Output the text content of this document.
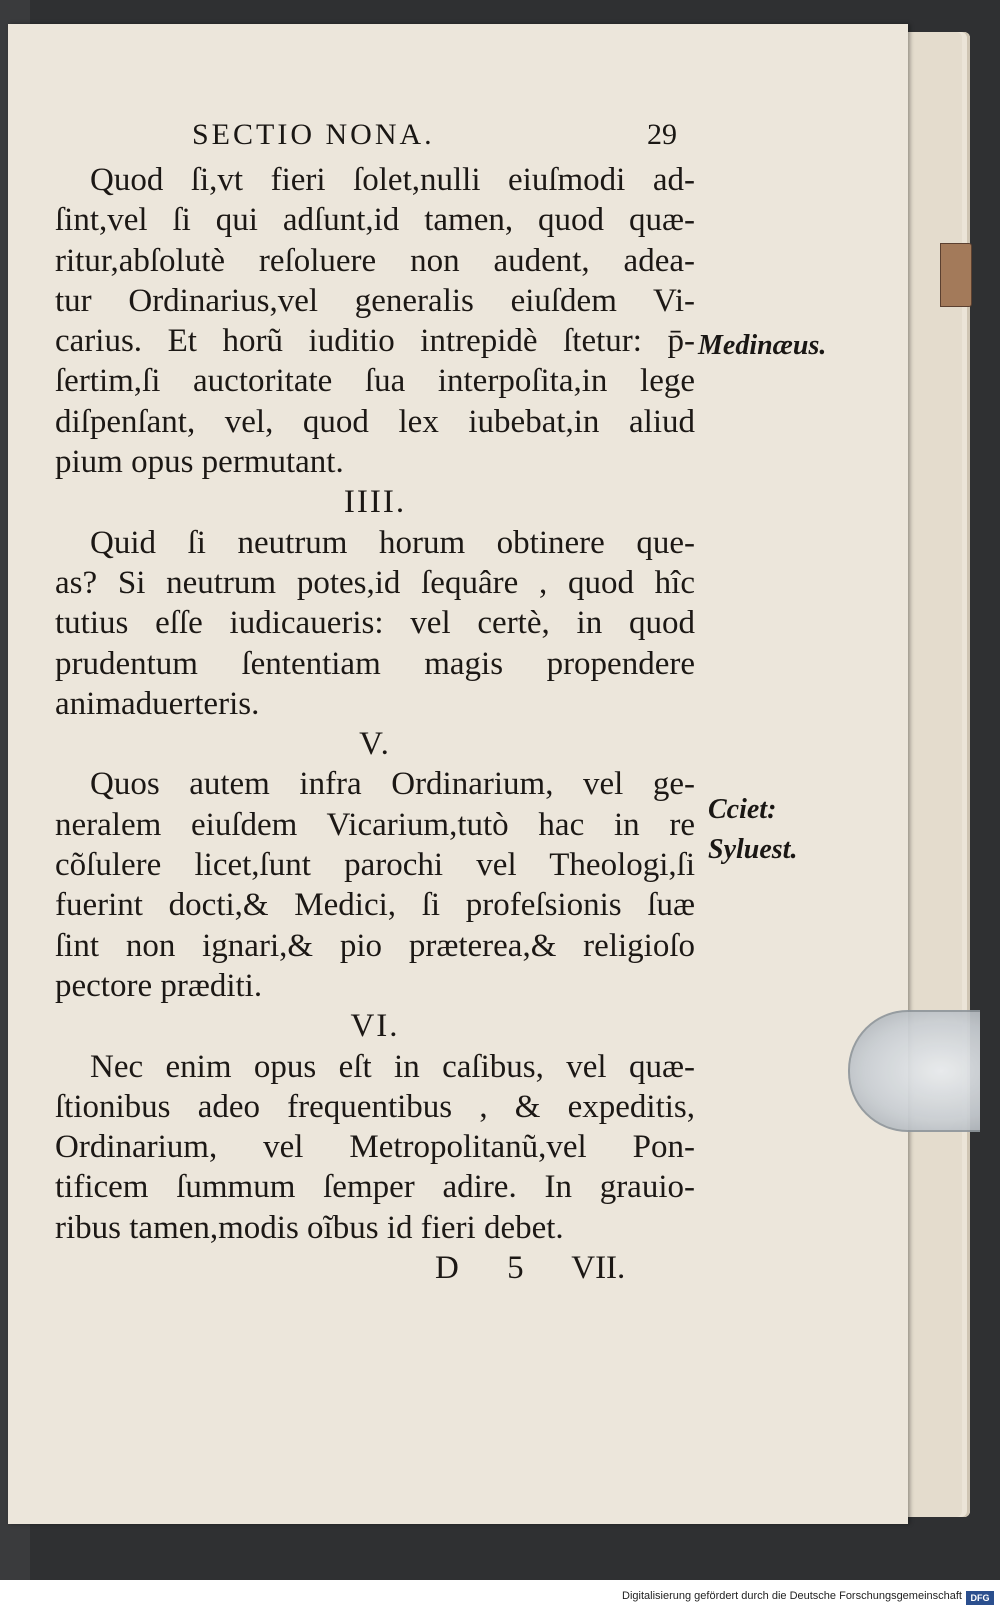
SECTIO NONA.	29
Quod ſi,vt fieri ſolet,nulli eiuſmodi ad-
ſint,vel ſi qui adſunt,id tamen, quod quæ-
ritur,abſolutè reſoluere non audent, adea-
tur Ordinarius,vel generalis eiuſdem Vi-
carius. Et horũ iuditio intrepidè ſtetur: p̄-
ſertim,ſi auctoritate ſua interpoſita,in lege
diſpenſant, vel, quod lex iubebat,in aliud
pium opus permutant.
IIII.
Quid ſi neutrum horum obtinere que-
as? Si neutrum potes,id ſequâre , quod hîc
tutius eſſe iudicaueris: vel certè, in quod
prudentum ſententiam magis propendere
animaduerteris.
V.
Quos autem infra Ordinarium, vel ge-
neralem eiuſdem Vicarium,tutò hac in re
cõſulere licet,ſunt parochi vel Theologi,ſi
fuerint docti,& Medici, ſi profeſsionis ſuæ
ſint non ignari,& pio præterea,& religioſo
pectore præditi.
VI.
Nec enim opus eſt in caſibus, vel quæ-
ſtionibus adeo frequentibus , & expeditis,
Ordinarium, vel Metropolitanũ,vel Pon-
tificem ſummum ſemper adire. In grauio-
ribus tamen,modis oĩbus id fieri debet.
D 5 VII.
Medinæus.
Cciet:
Syluest.
Digitalisierung gefördert durch die Deutsche Forschungsgemeinschaft DFG
